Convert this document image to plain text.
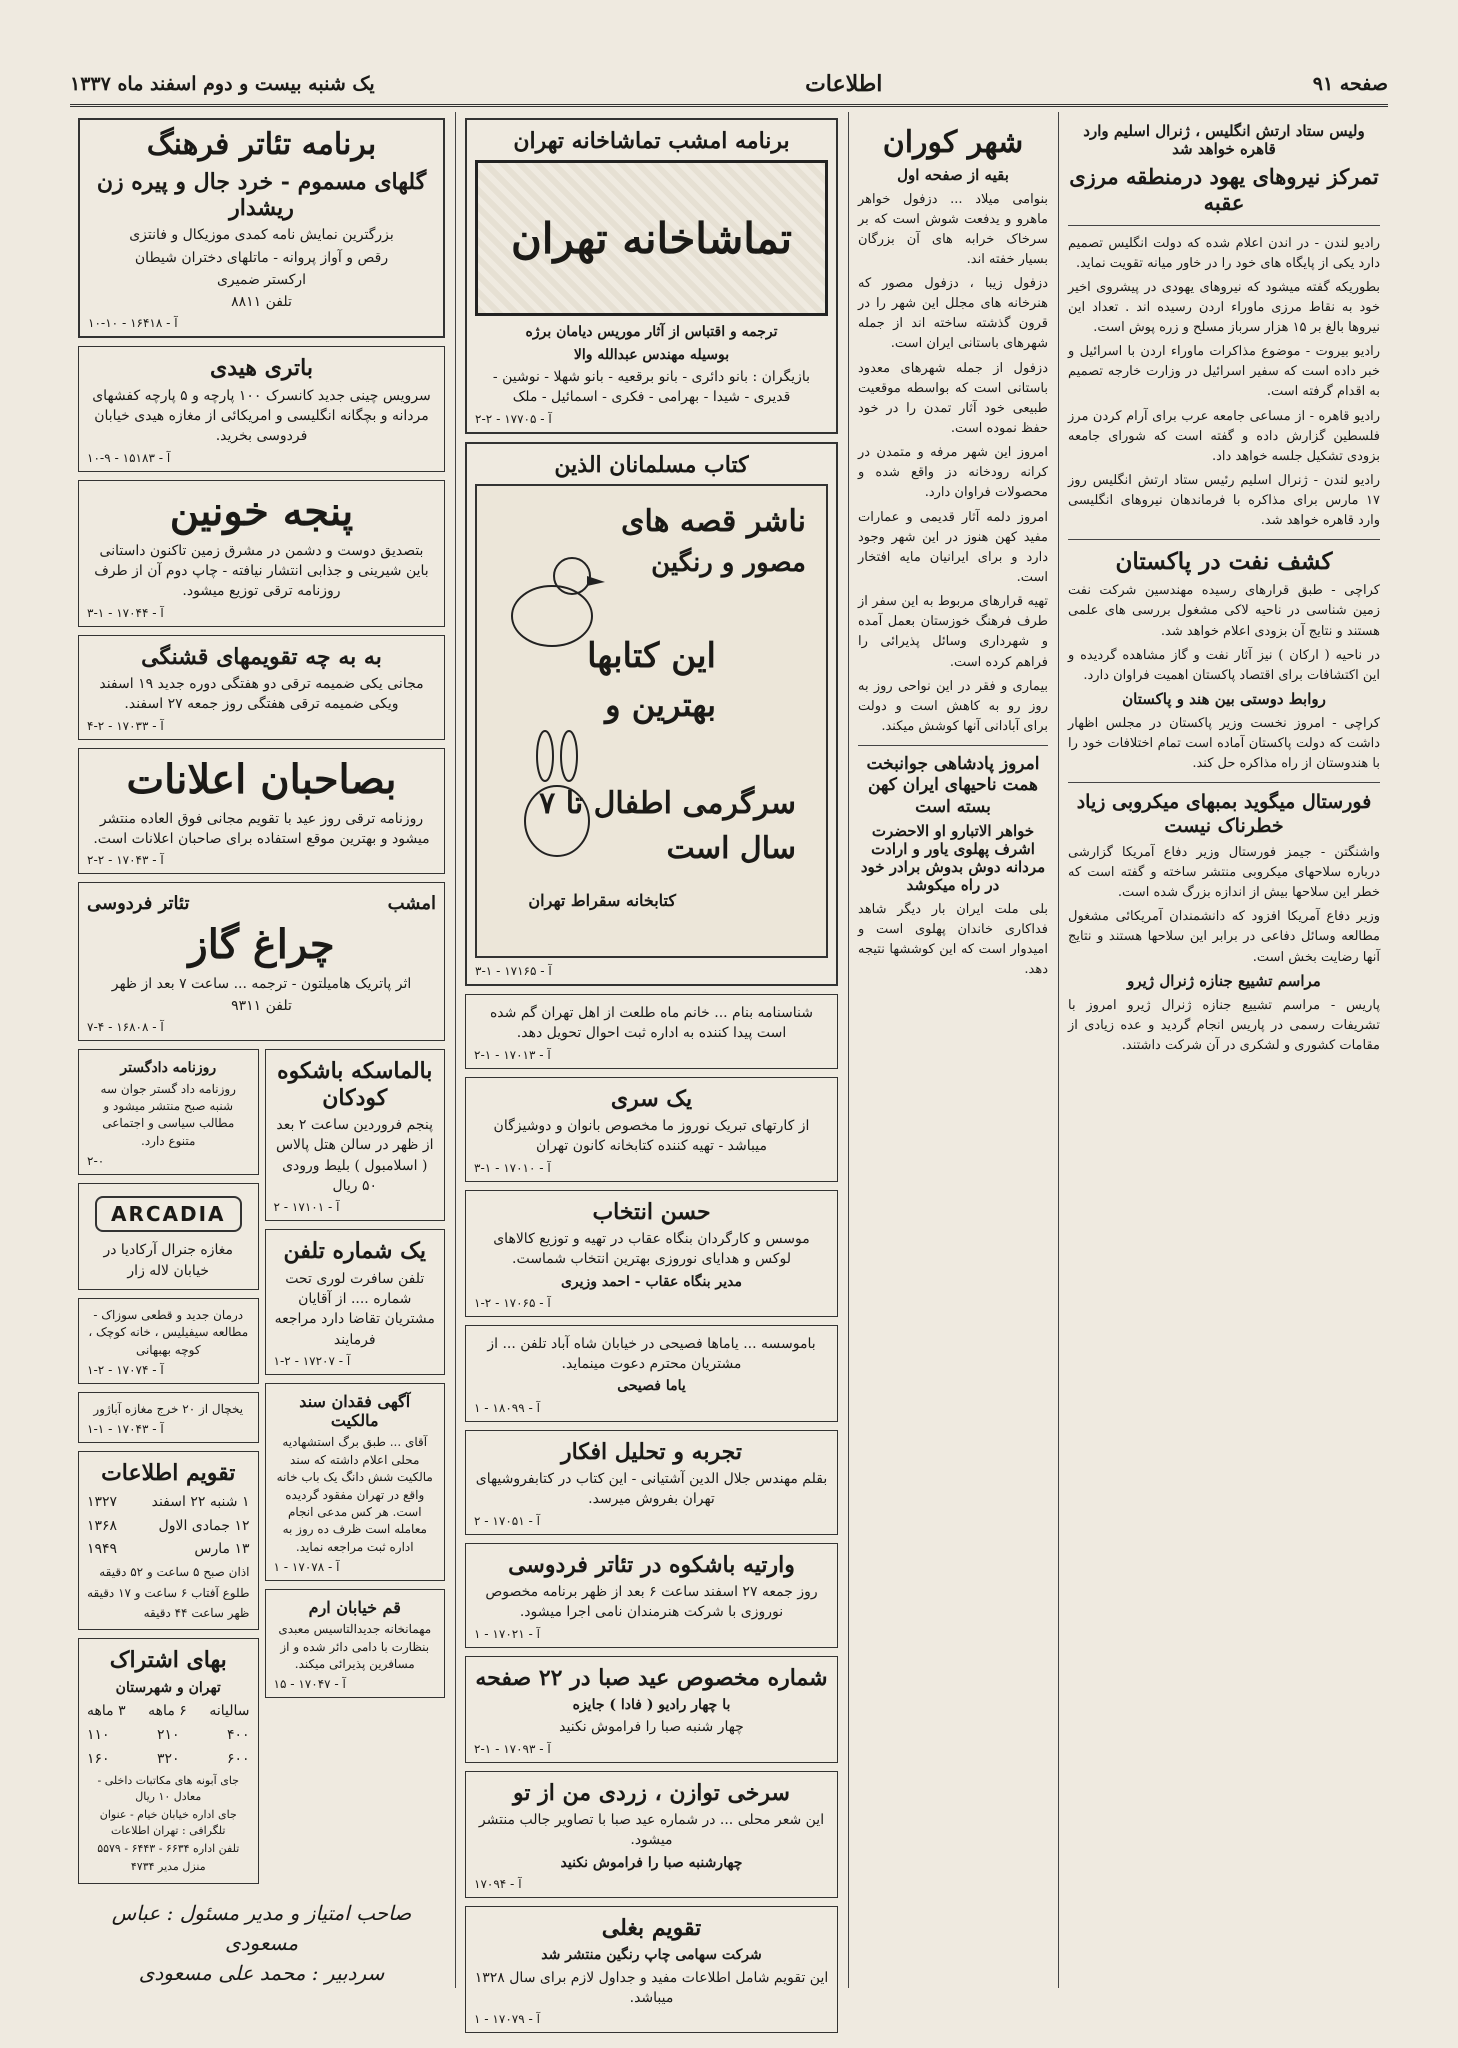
صفحه ۹۱
اطلاعات
یک شنبه بیست و دوم اسفند ماه ۱۳۳۷
ولیس ستاد ارتش انگلیس ، ژنرال اسلیم وارد قاهره خواهد شد
تمرکز نیروهای یهود درمنطقه مرزی عقبه

رادیو لندن - در اندن اعلام شده که دولت انگلیس تصمیم دارد یکی از پایگاه های خود را در خاور میانه تقویت نماید.

بطوریکه گفته میشود که نیروهای یهودی در پیشروی اخیر خود به نقاط مرزی ماوراء اردن رسیده اند . تعداد این نیروها بالغ بر ۱۵ هزار سرباز مسلح و زره پوش است.

رادیو بیروت - موضوع مذاکرات ماوراء اردن با اسرائیل و خبر داده است که سفیر اسرائیل در وزارت خارجه تصمیم به اقدام گرفته است.

رادیو قاهره - از مساعی جامعه عرب برای آرام کردن مرز فلسطین گزارش داده و گفته است که شورای جامعه بزودی تشکیل جلسه خواهد داد.

رادیو لندن - ژنرال اسلیم رئیس ستاد ارتش انگلیس روز ۱۷ مارس برای مذاکره با فرماندهان نیروهای انگلیسی وارد قاهره خواهد شد.

کشف نفت در پاکستان

کراچی - طبق قرارهای رسیده مهندسین شرکت نفت زمین شناسی در ناحیه لاکی مشغول بررسی های علمی هستند و نتایج آن بزودی اعلام خواهد شد.

در ناحیه ( ارکان ) نیز آثار نفت و گاز مشاهده گردیده و این اکتشافات برای اقتصاد پاکستان اهمیت فراوان دارد.

روابط دوستی بین هند و پاکستان

کراچی - امروز نخست وزیر پاکستان در مجلس اظهار داشت که دولت پاکستان آماده است تمام اختلافات خود را با هندوستان از راه مذاکره حل کند.

فورستال میگوید بمبهای میکروبی زیاد خطرناک نیست

واشنگتن - جیمز فورستال وزیر دفاع آمریکا گزارشی درباره سلاحهای میکروبی منتشر ساخته و گفته است که خطر این سلاحها بیش از اندازه بزرگ شده است.

وزیر دفاع آمریکا افزود که دانشمندان آمریکائی مشغول مطالعه وسائل دفاعی در برابر این سلاحها هستند و نتایج آنها رضایت بخش است.

مراسم تشییع جنازه ژنرال ژیرو

پاریس - مراسم تشییع جنازه ژنرال ژیرو امروز با تشریفات رسمی در پاریس انجام گردید و عده زیادی از مقامات کشوری و لشکری در آن شرکت داشتند.

شهر کوران
بقیه از صفحه اول

بنوامی میلاد ... دزفول خواهر ماهرو و یدفعت شوش است که بر سرخاک خرابه های آن بزرگان بسیار خفته اند.

دزفول زیبا ، دزفول مصور که هنرخانه های مجلل این شهر را در قرون گذشته ساخته اند از جمله شهرهای باستانی ایران است.

دزفول از جمله شهرهای معدود باستانی است که بواسطه موقعیت طبیعی خود آثار تمدن را در خود حفظ نموده است.

امروز این شهر مرفه و متمدن در کرانه رودخانه دز واقع شده و محصولات فراوان دارد.

امروز دلمه آثار قدیمی و عمارات مفید کهن هنوز در این شهر وجود دارد و برای ایرانیان مایه افتخار است.

تهیه قرارهای مربوط به این سفر از طرف فرهنگ خوزستان بعمل آمده و شهرداری وسائل پذیرائی را فراهم کرده است.

بیماری و فقر در این نواحی روز به روز رو به کاهش است و دولت برای آبادانی آنها کوشش میکند.

امروز پادشاهی جوانبخت همت ناحیهای ایران کهن بسته است
خواهر الاتبارو او الاحضرت اشرف پهلوی یاور و ارادت مردانه دوش بدوش برادر خود در راه میکوشد

بلی ملت ایران بار دیگر شاهد فداکاری خاندان پهلوی است و امیدوار است که این کوششها نتیجه دهد.

برنامه امشب تماشاخانه تهران
تماشاخانه تهران

ترجمه و اقتباس از آثار موریس دیامان برژه

بوسیله مهندس عبدالله والا

بازیگران : بانو دائری - بانو برقعیه - بانو شهلا - نوشین - قدیری - شیدا - بهرامی - فکری - اسمائیل - ملک

آ - ۱۷۷۰۵ - ۲-۲
کتاب مسلمانان الذین
ناشر قصه های
مصور و رنگین
این کتابها
بهترین و
سرگرمی اطفال تا ۷
سال است
کتابخانه سقراط تهران
آ - ۱۷۱۶۵ - ۱-۳

شناسنامه بنام ... خانم ماه طلعت از اهل تهران گم شده است پیدا کننده به اداره ثبت احوال تحویل دهد.

آ - ۱۷۰۱۳ - ۱-۲
یک سری

از کارتهای تبریک نوروز ما مخصوص بانوان و دوشیزگان میباشد - تهیه کننده کتابخانه کانون تهران

آ - ۱۷۰۱۰ - ۱-۳
حسن انتخاب

موسس و کارگردان بنگاه عقاب در تهیه و توزیع کالاهای لوکس و هدایای نوروزی بهترین انتخاب شماست.

مدیر بنگاه عقاب - احمد وزیری

آ - ۱۷۰۶۵ - ۲-۱

باموسسه ... یاماها فصیحی در خیابان شاه آباد تلفن ... از مشتریان محترم دعوت مینماید.

یاما فصیحی

آ - ۱۸۰۹۹ - ۱
تجربه و تحلیل افکار

بقلم مهندس جلال الدین آشتیانی - این کتاب در کتابفروشیهای تهران بفروش میرسد.

آ - ۱۷۰۵۱ - ۲
وارتیه باشکوه در تئاتر فردوسی

روز جمعه ۲۷ اسفند ساعت ۶ بعد از ظهر برنامه مخصوص نوروزی با شرکت هنرمندان نامی اجرا میشود.

آ - ۱۷۰۲۱ - ۱
شماره مخصوص عید صبا در ۲۲ صفحه

با چهار رادیو ( فادا ) جایزه

چهار شنبه صبا را فراموش نکنید

آ - ۱۷۰۹۳ - ۱-۲
سرخی توازن ، زردی من از تو

این شعر محلی ... در شماره عید صبا با تصاویر جالب منتشر میشود.

چهارشنبه صبا را فراموش نکنید

آ - ۱۷۰۹۴
تقویم بغلی

شرکت سهامی چاپ رنگین منتشر شد

این تقویم شامل اطلاعات مفید و جداول لازم برای سال ۱۳۲۸ میباشد.

آ - ۱۷۰۷۹ - ۱
برنامه تئاتر فرهنگ
گلهای مسموم - خرد جال و پیره زن ریشدار

بزرگترین نمایش نامه کمدی موزیکال و فانتزی

رقص و آواز پروانه - ماتلهای دختران شیطان

ارکستر ضمیری

تلفن ۸۸۱۱

آ - ۱۶۴۱۸ - ۱۰-۱۰
باتری هیدی

سرویس چینی جدید کانسرک ۱۰۰ پارچه و ۵ پارچه کفشهای مردانه و بچگانه انگلیسی و امریکائی از مغازه هیدی خیابان فردوسی بخرید.

آ - ۱۵۱۸۳ - ۹-۱۰
پنجه خونین

بتصدیق دوست و دشمن در مشرق زمین تاکنون داستانی باین شیرینی و جذابی انتشار نیافته - چاپ دوم آن از طرف روزنامه ترقی توزیع میشود.

آ - ۱۷۰۴۴ - ۱-۳
به به چه تقویمهای قشنگی

مجانی یکی ضمیمه ترقی دو هفتگی دوره جدید ۱۹ اسفند ویکی ضمیمه ترقی هفتگی روز جمعه ۲۷ اسفند.

آ - ۱۷۰۳۳ - ۲-۴
بصاحبان اعلانات

روزنامه ترقی روز عید با تقویم مجانی فوق العاده منتشر میشود و بهترین موقع استفاده برای صاحبان اعلانات است.

آ - ۱۷۰۴۳ - ۲-۲
امشب
تئاتر فردوسی
چراغ گاز

اثر پاتریک هامیلتون - ترجمه ... ساعت ۷ بعد از ظهر

تلفن ۹۳۱۱

آ - ۱۶۸۰۸ - ۴-۷
بالماسکه باشکوه کودکان

پنجم فروردین ساعت ۲ بعد از ظهر در سالن هتل پالاس ( اسلامبول ) بلیط ورودی ۵۰ ریال

آ - ۱۷۱۰۱ - ۲
یک شماره تلفن

تلفن سافرت لوری تحت شماره .... از آقایان مشتریان تقاضا دارد مراجعه فرمایند

آ - ۱۷۲۰۷ - ۲-۱
آگهی فقدان سند مالکیت

آقای ... طبق برگ استشهادیه محلی اعلام داشته که سند مالکیت شش دانگ یک باب خانه واقع در تهران مفقود گردیده است. هر کس مدعی انجام معامله است ظرف ده روز به اداره ثبت مراجعه نماید.

آ - ۱۷۰۷۸ - ۱
قم خیابان ارم

مهمانخانه جدیدالتاسیس معبدی بنظارت با دامی دائر شده و از مسافرین پذیرائی میکند.

آ - ۱۷۰۴۷ - ۱۵

روزنامه دادگستر

روزنامه داد گستر جوان سه شنبه صبح منتشر میشود و مطالب سیاسی و اجتماعی متنوع دارد.

۲-۰
ARCADIA

مغازه جنرال آرکادیا در خیابان لاله زار

درمان جدید و قطعی سوزاک - مطالعه سیفیلیس ، خانه کوچک ، کوچه بهبهانی

آ - ۱۷۰۷۴ - ۲-۱

یخچال از ۲۰ خرج مغازه آباژور

آ - ۱۷۰۴۳ - ۱-۱
تقویم اطلاعات
۱ شنبه ۲۲ اسفند
۱۳۲۷
۱۲ جمادی الاول
۱۳۶۸
۱۳ مارس
۱۹۴۹
اذان صبح ۵ ساعت و ۵۲ دقیقه
طلوع آفتاب ۶ ساعت و ۱۷ دقیقه
ظهر ساعت ۴۴ دقیقه
بهای اشتراک

تهران و شهرستان

سالیانه
۶ ماهه
۳ ماهه
۴۰۰
۲۱۰
۱۱۰
۶۰۰
۳۲۰
۱۶۰

جای آبونه های مکاتبات داخلی - معادل ۱۰ ریال

جای اداره خیابان خیام - عنوان تلگرافی : تهران اطلاعات

تلفن اداره ۶۶۳۴ - ۶۴۴۳ - ۵۵۷۹

منزل مدیر ۴۷۳۴

صاحب امتیاز و مدیر مسئول : عباس مسعودی
سردبیر : محمد علی مسعودی
